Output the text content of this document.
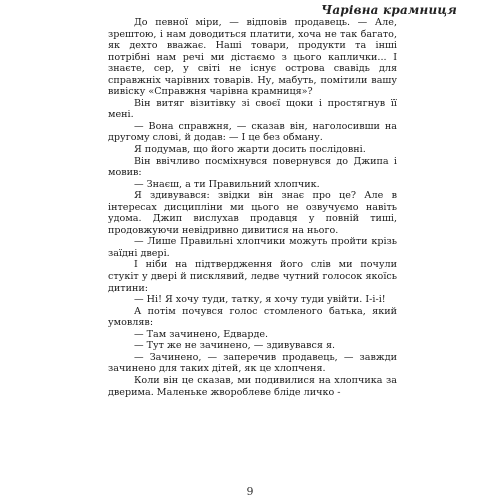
Чарівна крамниця

До певної міри, — відповів продавець. — Але, зрештою, і нам доводиться платити, хоча не так багато, як дехто вважає. Наші товари, продукти та інші потрібні нам речі ми дістаємо з цього каплички... І знаєте, сер, у світі не існує острова свавідь для справжніх чарівних товарів. Ну, мабуть, помітили вашу вивіску «Справжня чарівна крамниця»?

Він витяг візитівку зі своєї щоки і простягнув її мені.

— Вона справжня, — сказав він, наголосивши на другому слові, й додав: — І це без обману.

Я подумав, що його жарти досить послідовні.

Він ввічливо посміхнувся повернувся до Джипа і мовив:

— Знаєш, а ти Правильний хлопчик.

Я здивувався: звідки він знає про це? Але в інтересах дисципліни ми цього не озвучуємо навіть удома. Джип вислухав продавця у повній тиші, продовжуючи невідривно дивитися на нього.

— Лише Правильні хлопчики можуть пройти крізь заїдні двері.

І ніби на підтвердження його слів ми почули стукіт у двері й писклявий, ледве чутний голосок якоїсь дитини:

— Ні! Я хочу туди, татку, я хочу туди увійти. І-і-і!

А потім почувся голос стомленого батька, який умовляв:

— Там зачинено, Едварде.

— Тут же не зачинено, — здивувався я.

— Зачинено, — заперечив продавець, — завжди зачинено для таких дітей, як це хлопченя.

Коли він це сказав, ми подивилися на хлопчика за дверима. Маленьке жвороблеве бліде личко -

9
